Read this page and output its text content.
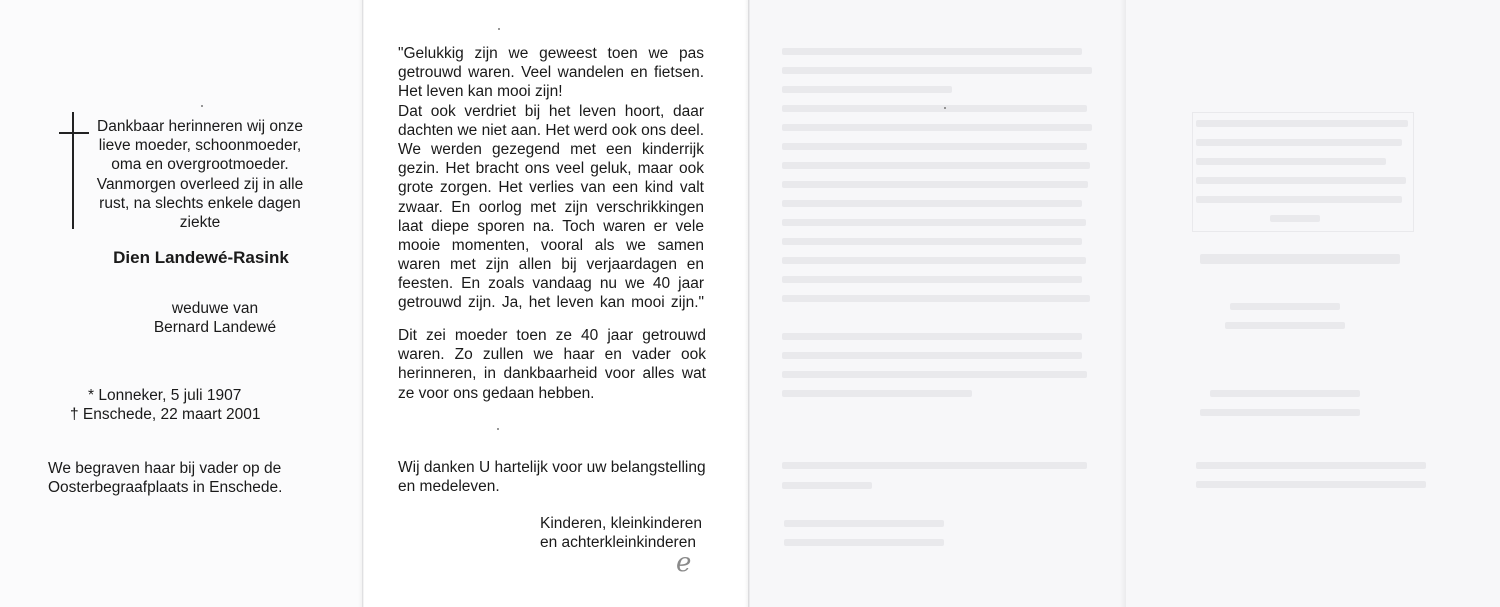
Dankbaar herinneren wij onze
lieve moeder, schoonmoeder,
oma en overgrootmoeder.
Vanmorgen overleed zij in alle
rust, na slechts enkele dagen
ziekte
Dien Landewé-Rasink
weduwe van
Bernard Landewé
* Lonneker, 5 juli 1907
† Enschede, 22 maart 2001
We begraven haar bij vader op de
Oosterbegraafplaats in Enschede.
"Gelukkig zijn we geweest toen we pas
getrouwd waren. Veel wandelen en fietsen.
Het leven kan mooi zijn!
Dat ook verdriet bij het leven hoort, daar
dachten we niet aan. Het werd ook ons deel.
We werden gezegend met een kinderrijk
gezin. Het bracht ons veel geluk, maar ook
grote zorgen. Het verlies van een kind valt
zwaar. En oorlog met zijn verschrikkingen
laat diepe sporen na. Toch waren er vele
mooie momenten, vooral als we samen
waren met zijn allen bij verjaardagen en
feesten. En zoals vandaag nu we 40 jaar
getrouwd zijn. Ja, het leven kan mooi zijn."
Dit zei moeder toen ze 40 jaar getrouwd
waren. Zo zullen we haar en vader ook
herinneren, in dankbaarheid voor alles wat
ze voor ons gedaan hebben.
Wij danken U hartelijk voor uw belangstelling
en medeleven.
Kinderen, kleinkinderen
en achterkleinkinderen
e
